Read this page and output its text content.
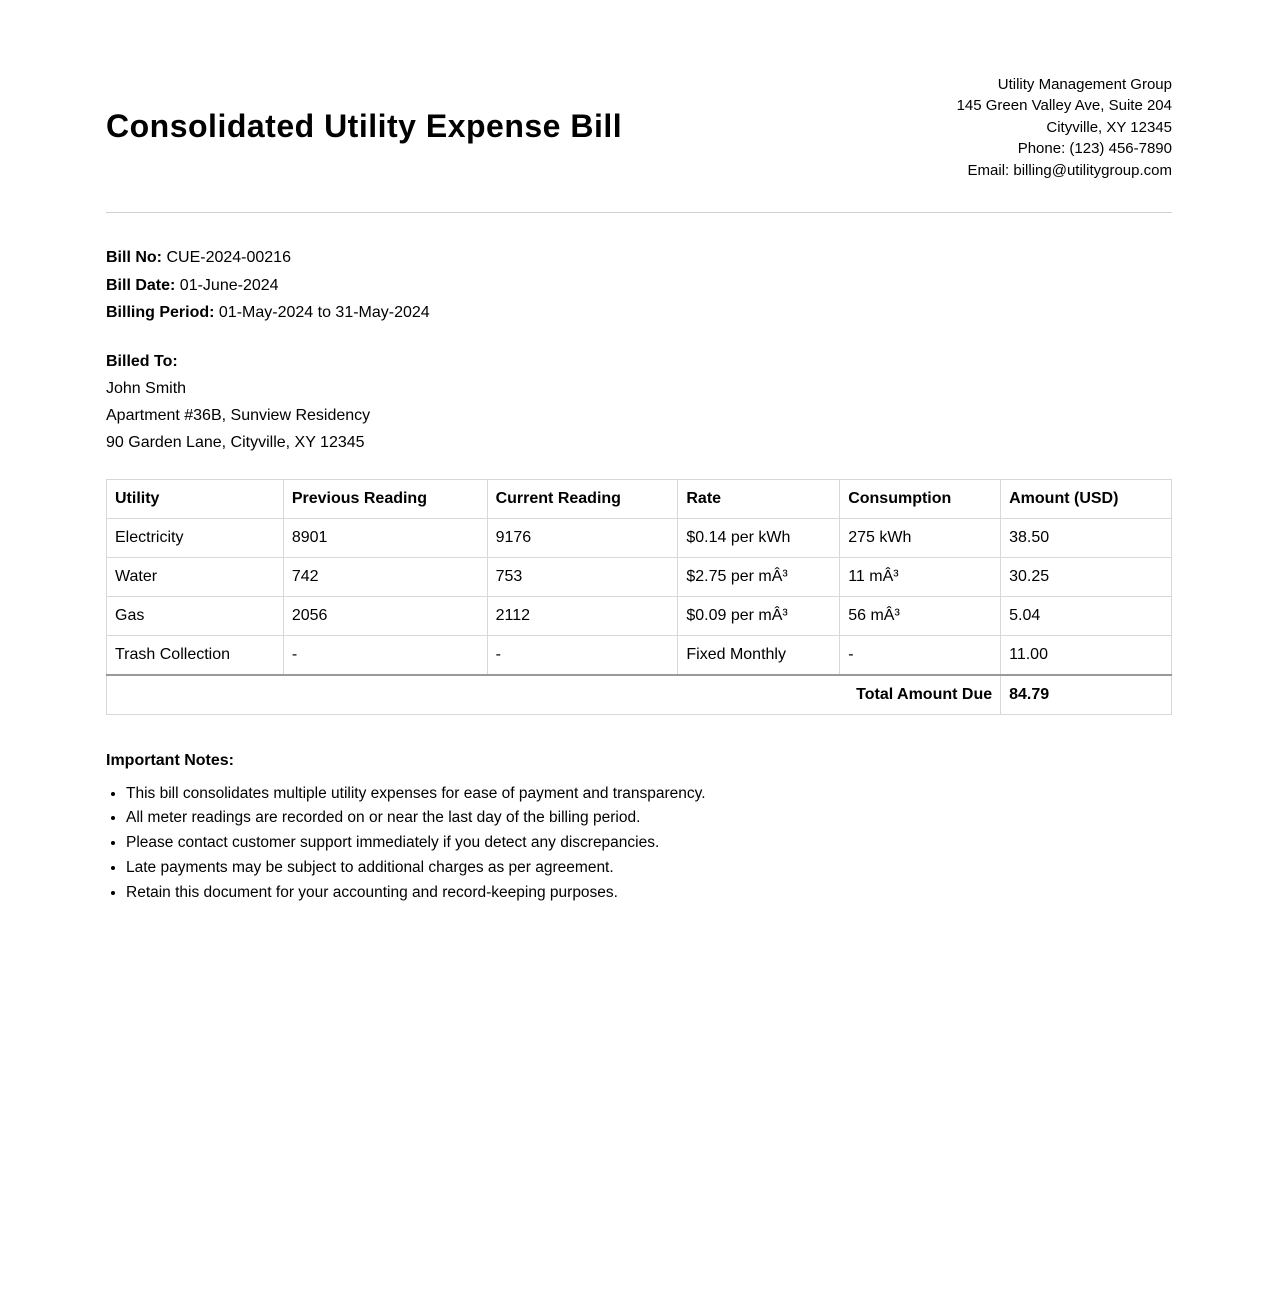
Consolidated Utility Expense Bill
Utility Management Group
145 Green Valley Ave, Suite 204
Cityville, XY 12345
Phone: (123) 456-7890
Email: billing@utilitygroup.com
Bill No: CUE-2024-00216
Bill Date: 01-June-2024
Billing Period: 01-May-2024 to 31-May-2024
Billed To:
John Smith
Apartment #36B, Sunview Residency
90 Garden Lane, Cityville, XY 12345
Utility	Previous Reading	Current Reading	Rate	Consumption	Amount (USD)
Electricity	8901	9176	$0.14 per kWh	275 kWh	38.50
Water	742	753	$2.75 per mÂ³	11 mÂ³	30.25
Gas	2056	2112	$0.09 per mÂ³	56 mÂ³	5.04
Trash Collection	-	-	Fixed Monthly	-	11.00
Total Amount Due					84.79
Important Notes:
• This bill consolidates multiple utility expenses for ease of payment and transparency.
• All meter readings are recorded on or near the last day of the billing period.
• Please contact customer support immediately if you detect any discrepancies.
• Late payments may be subject to additional charges as per agreement.
• Retain this document for your accounting and record-keeping purposes.
